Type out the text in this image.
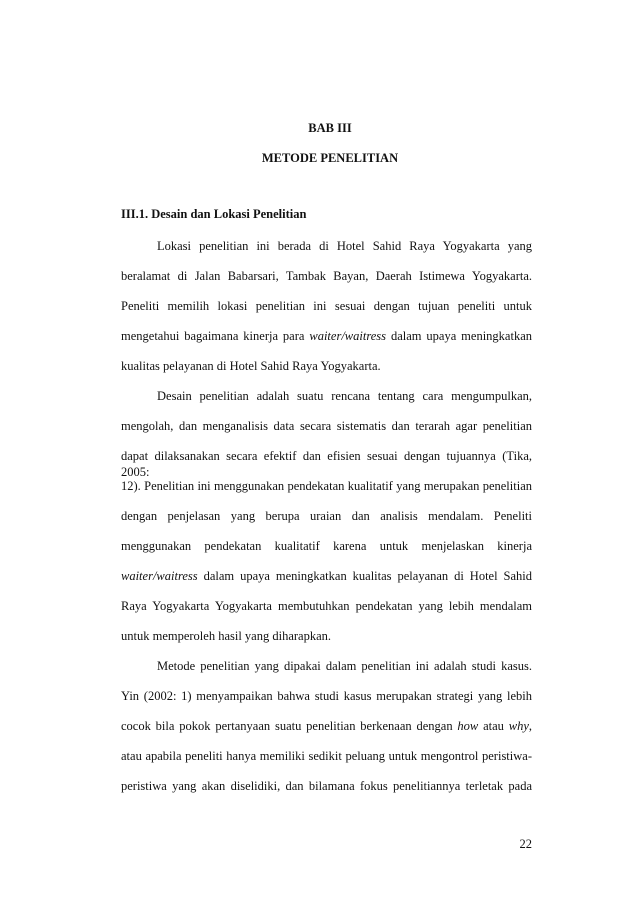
BAB III

METODE PENELITIAN

III.1. Desain dan Lokasi Penelitian

Lokasi penelitian ini berada di Hotel Sahid Raya Yogyakarta yang

beralamat di Jalan Babarsari, Tambak Bayan, Daerah Istimewa Yogyakarta.

Peneliti memilih lokasi penelitian ini sesuai dengan tujuan peneliti untuk

mengetahui bagaimana kinerja para waiter/waitress dalam upaya meningkatkan

kualitas pelayanan di Hotel Sahid Raya Yogyakarta.

Desain penelitian adalah suatu rencana tentang cara mengumpulkan,

mengolah, dan menganalisis data secara sistematis dan terarah agar penelitian

dapat dilaksanakan secara efektif dan efisien sesuai dengan tujuannya (Tika, 2005:

12). Penelitian ini menggunakan pendekatan kualitatif yang merupakan penelitian

dengan penjelasan yang berupa uraian dan analisis mendalam. Peneliti

menggunakan pendekatan kualitatif karena untuk menjelaskan kinerja

waiter/waitress dalam upaya meningkatkan kualitas pelayanan di Hotel Sahid

Raya Yogyakarta Yogyakarta membutuhkan pendekatan yang lebih mendalam

untuk memperoleh hasil yang diharapkan.

Metode penelitian yang dipakai dalam penelitian ini adalah studi kasus.

Yin (2002: 1) menyampaikan bahwa studi kasus merupakan strategi yang lebih

cocok bila pokok pertanyaan suatu penelitian berkenaan dengan how atau why,

atau apabila peneliti hanya memiliki sedikit peluang untuk mengontrol peristiwa-

peristiwa yang akan diselidiki, dan bilamana fokus penelitiannya terletak pada

22
